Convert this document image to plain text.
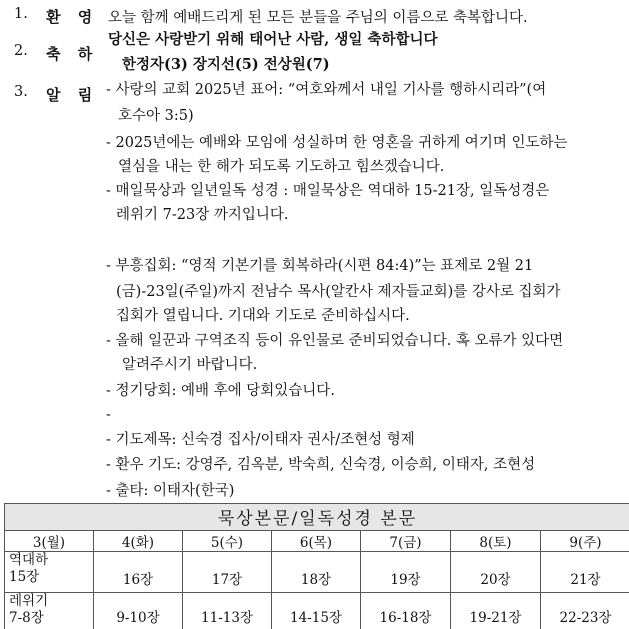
1.	환 영 오늘 함께 예배드리게 된 모든 분들을 주님의 이름으로 축복합니다.
2.	축 하
당신은 사랑받기 위해 태어난 사람, 생일 축하합니다
한정자(3) 장지선(5) 전상원(7)
3.	알 림 - 사랑의 교회 2025년 표어: “여호와께서 내일 기사를 행하시리라”(여
호수아 3:5)
- 2025년에는 예배와 모임에 성실하며 한 영혼을 귀하게 여기며 인도하는
열심을 내는 한 해가 되도록 기도하고 힘쓰겠습니다.
- 매일묵상과 일년일독 성경 : 매일묵상은 역대하 15-21장, 일독성경은
레위기 7-23장 까지입니다.
- 부흥집회: “영적 기본기를 회복하라(시편 84:4)”는 표제로 2월 21
(금)-23일(주일)까지 전남수 목사(알칸사 제자들교회)를 강사로 집회가
집회가 열립니다. 기대와 기도로 준비하십시다.
- 올해 일꾼과 구역조직 등이 유인물로 준비되었습니다. 혹 오류가 있다면
알려주시기 바랍니다.
- 정기당회: 예배 후에 당회있습니다.
-
- 기도제목: 신숙경 집사/이태자 권사/조현성 형제
- 환우 기도: 강영주, 김옥분, 박숙희, 신숙경, 이승희, 이태자, 조현성
- 출타: 이태자(한국)
묵상본문/일독성경 본문						
3(월)	4(화)	5(수)	6(목)	7(금)	8(토)	9(주)

역대하
15장	16장	17장	18장	19장	20장	21장

레위기
7-8장	9-10장	11-13장	14-15장	16-18장	19-21장	22-23장
